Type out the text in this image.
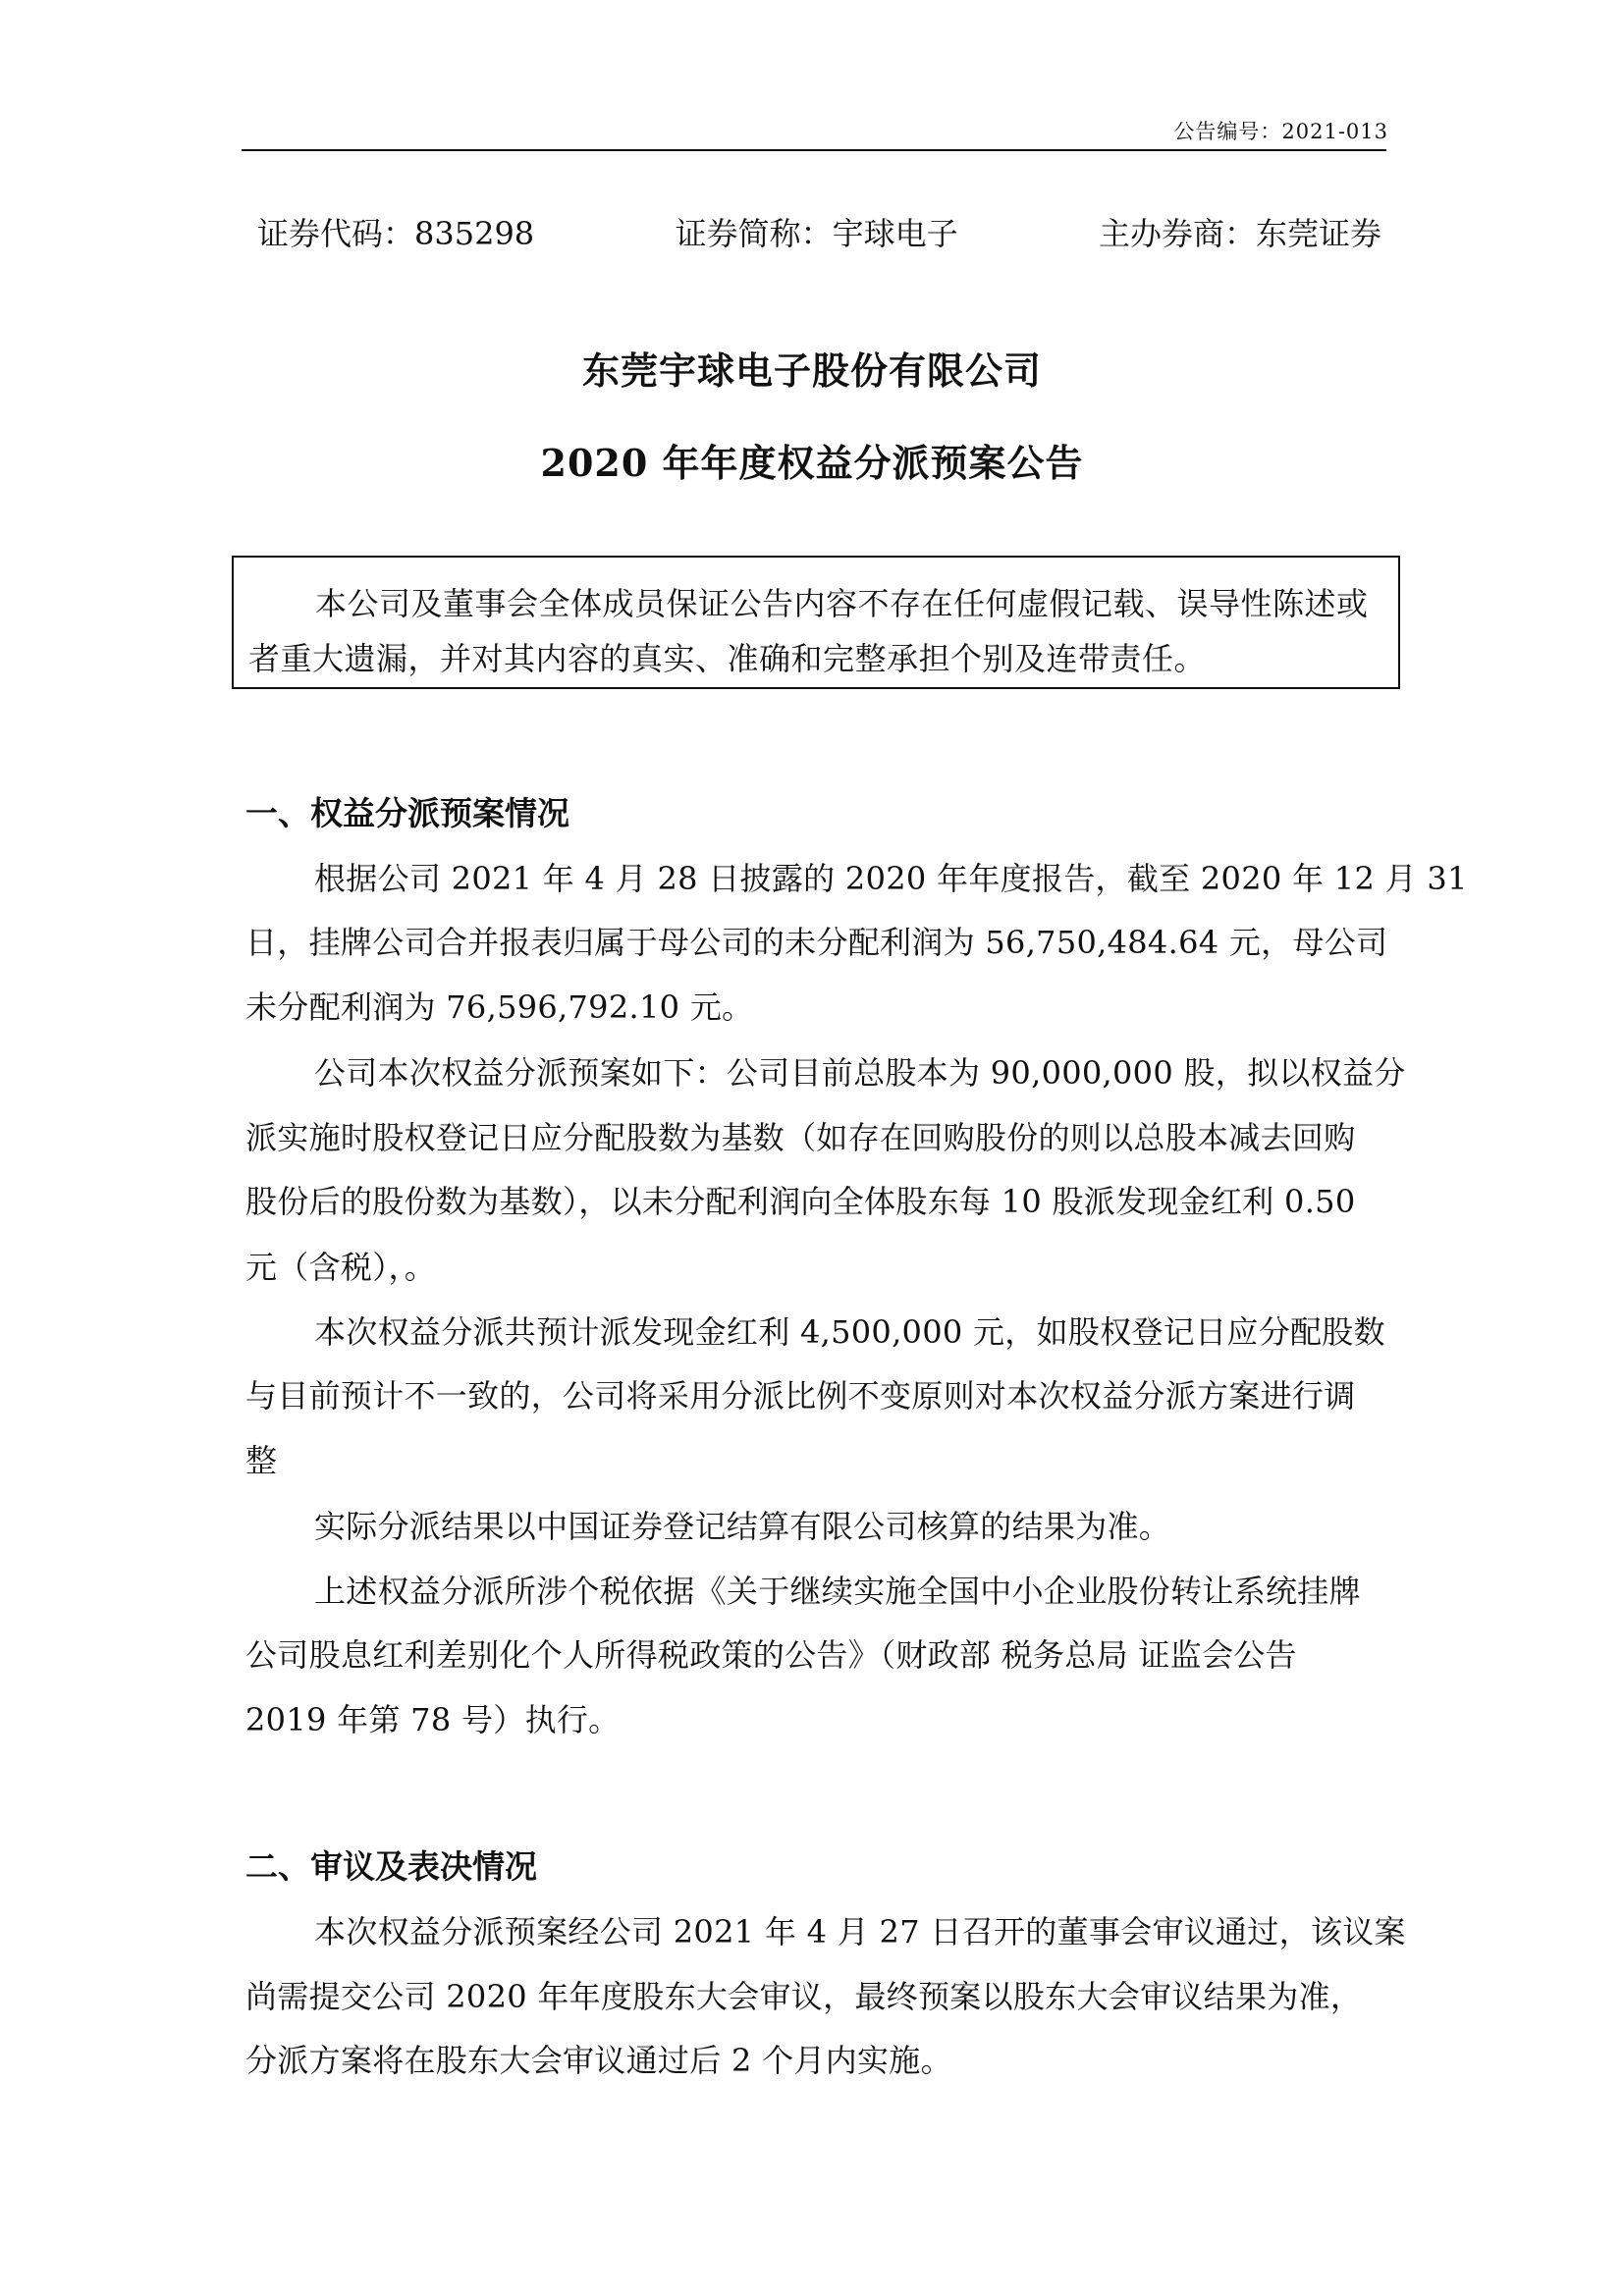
公告编号：2021-013
证券代码：835298	证券简称：宇球电子	主办券商：东莞证券
东莞宇球电子股份有限公司
2020 年年度权益分派预案公告
本公司及董事会全体成员保证公告内容不存在任何虚假记载、误导性陈述或
者重大遗漏，并对其内容的真实、准确和完整承担个别及连带责任。
一、权益分派预案情况
根据公司 2021 年 4 月 28 日披露的 2020 年年度报告，截至 2020 年 12 月 31
日，挂牌公司合并报表归属于母公司的未分配利润为 56,750,484.64 元，母公司
未分配利润为 76,596,792.10 元。
公司本次权益分派预案如下：公司目前总股本为 90,000,000 股，拟以权益分
派实施时股权登记日应分配股数为基数（如存在回购股份的则以总股本减去回购
股份后的股份数为基数），以未分配利润向全体股东每 10 股派发现金红利 0.50
元（含税），。
本次权益分派共预计派发现金红利 4,500,000 元，如股权登记日应分配股数
与目前预计不一致的，公司将采用分派比例不变原则对本次权益分派方案进行调
整
实际分派结果以中国证券登记结算有限公司核算的结果为准。
上述权益分派所涉个税依据《关于继续实施全国中小企业股份转让系统挂牌
公司股息红利差别化个人所得税政策的公告》（财政部 税务总局 证监会公告
2019 年第 78 号）执行。
二、审议及表决情况
本次权益分派预案经公司 2021 年 4 月 27 日召开的董事会审议通过，该议案
尚需提交公司 2020 年年度股东大会审议，最终预案以股东大会审议结果为准，
分派方案将在股东大会审议通过后 2 个月内实施。
